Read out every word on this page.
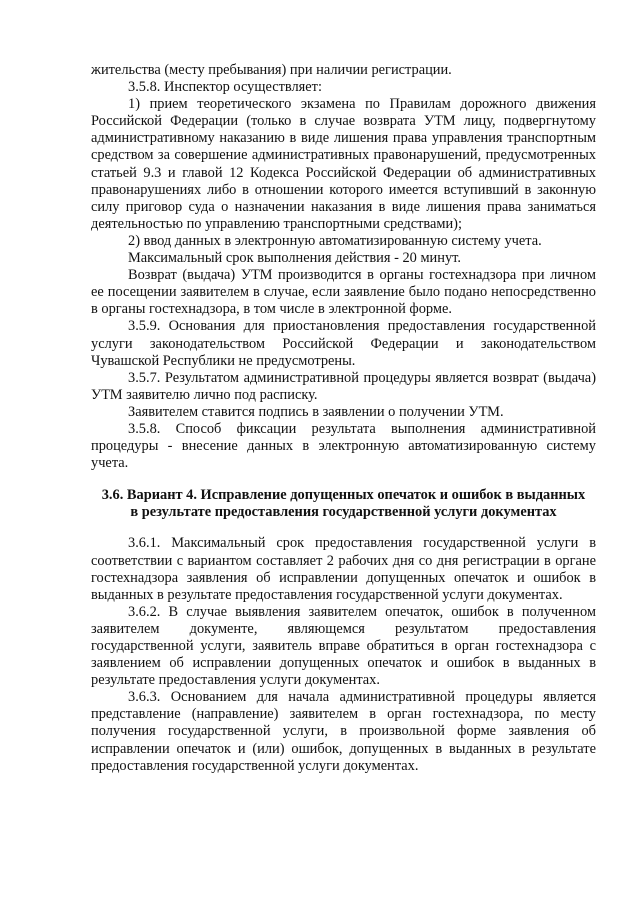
жительства (месту пребывания) при наличии регистрации.

3.5.8. Инспектор осуществляет:

1) прием теоретического экзамена по Правилам дорожного движения Российской Федерации (только в случае возврата УТМ лицу, подвергнутому административному наказанию в виде лишения права управления транспортным средством за совершение административных правонарушений, предусмотренных статьей 9.3 и главой 12 Кодекса Российской Федерации об административных правонарушениях либо в отношении которого имеется вступивший в законную силу приговор суда о назначении наказания в виде лишения права заниматься деятельностью по управлению транспортными средствами);

2) ввод данных в электронную автоматизированную систему учета.

Максимальный срок выполнения действия - 20 минут.

Возврат (выдача) УТМ производится в органы гостехнадзора при личном ее посещении заявителем в случае, если заявление было подано непосредственно в органы гостехнадзора, в том числе в электронной форме.

3.5.9. Основания для приостановления предоставления государственной услуги законодательством Российской Федерации и законодательством Чувашской Республики не предусмотрены.

3.5.7. Результатом административной процедуры является возврат (выдача) УТМ заявителю лично под расписку.

Заявителем ставится подпись в заявлении о получении УТМ.

3.5.8. Способ фиксации результата выполнения административной процедуры - внесение данных в электронную автоматизированную систему учета.

3.6. Вариант 4. Исправление допущенных опечаток и ошибок в выданных в результате предоставления государственной услуги документах

3.6.1. Максимальный срок предоставления государственной услуги в соответствии с вариантом составляет 2 рабочих дня со дня регистрации в органе гостехнадзора заявления об исправлении допущенных опечаток и ошибок в выданных в результате предоставления государственной услуги документах.

3.6.2. В случае выявления заявителем опечаток, ошибок в полученном заявителем документе, являющемся результатом предоставления государственной услуги, заявитель вправе обратиться в орган гостехнадзора с заявлением об исправлении допущенных опечаток и ошибок в выданных в результате предоставления услуги документах.

3.6.3. Основанием для начала административной процедуры является представление (направление) заявителем в орган гостехнадзора, по месту получения государственной услуги, в произвольной форме заявления об исправлении опечаток и (или) ошибок, допущенных в выданных в результате предоставления государственной услуги документах.
